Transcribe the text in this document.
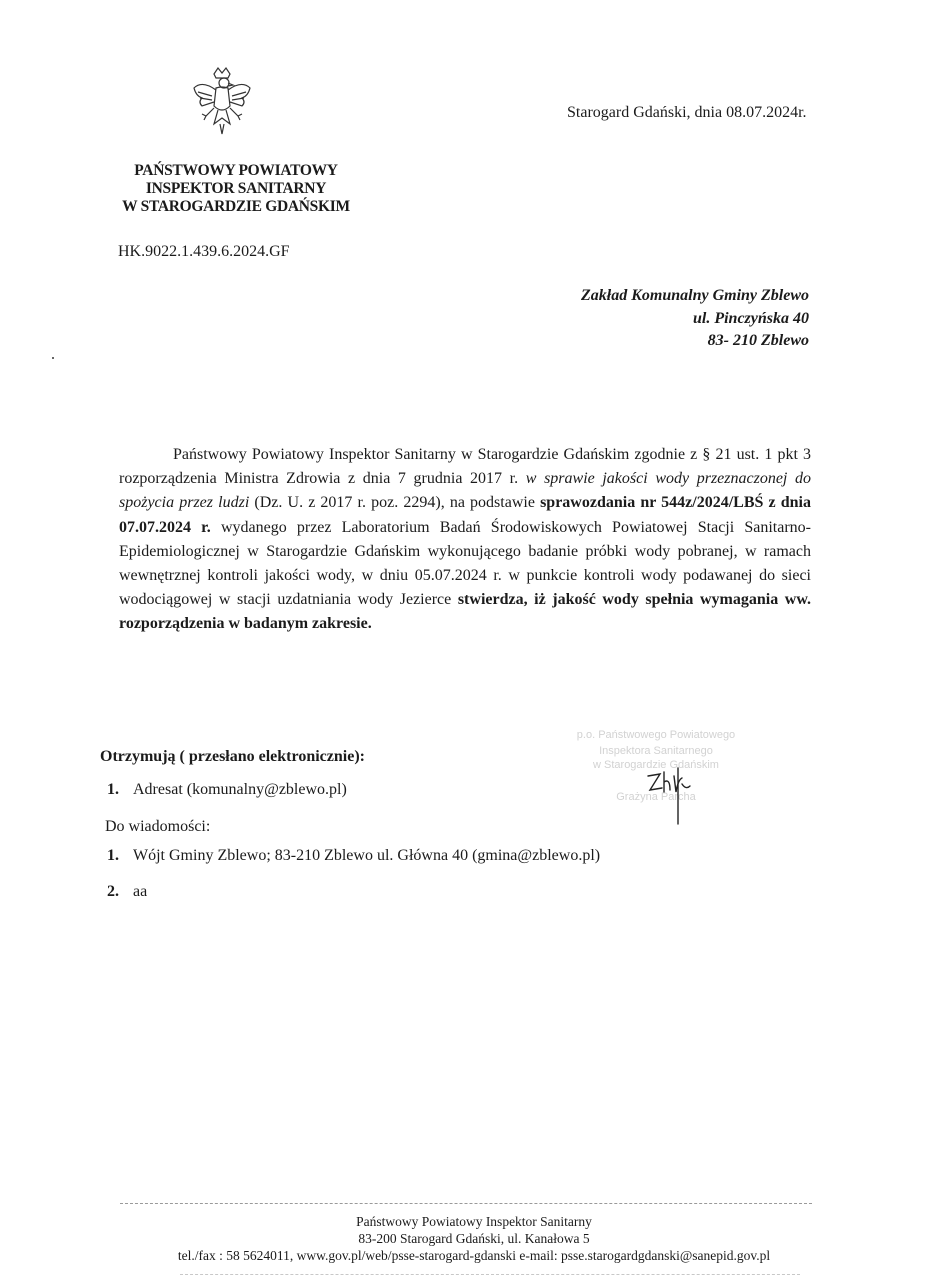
Starogard Gdański, dnia 08.07.2024r.
PAŃSTWOWY POWIATOWY
INSPEKTOR SANITARNY
W STAROGARDZIE GDAŃSKIM
HK.9022.1.439.6.2024.GF
Zakład Komunalny Gminy Zblewo
ul. Pinczyńska 40
83- 210 Zblewo

Państwowy Powiatowy Inspektor Sanitarny w Starogardzie Gdańskim zgodnie z § 21 ust. 1 pkt 3 rozporządzenia Ministra Zdrowia z dnia 7 grudnia 2017 r. w sprawie jakości wody przeznaczonej do spożycia przez ludzi (Dz. U. z 2017 r. poz. 2294), na podstawie sprawozdania nr 544z/2024/LBŚ z dnia 07.07.2024 r. wydanego przez Laboratorium Badań Środowiskowych Powiatowej Stacji Sanitarno-Epidemiologicznej w Starogardzie Gdańskim wykonującego badanie próbki wody pobranej, w ramach wewnętrznej kontroli jakości wody, w dniu 05.07.2024 r. w punkcie kontroli wody podawanej do sieci wodociągowej w stacji uzdatniania wody Jezierce stwierdza, iż jakość wody spełnia wymagania ww. rozporządzenia w badanym zakresie.

Otrzymują ( przesłano elektronicznie):
1. Adresat (komunalny@zblewo.pl)
Do wiadomości:
1. Wójt Gminy Zblewo; 83-210 Zblewo ul. Główna 40 (gmina@zblewo.pl)
2. aa
p.o. Państwowego Powiatowego
Inspektora Sanitarnego
w Starogardzie Gdańskim
Grażyna Parcha
Państwowy Powiatowy Inspektor Sanitarny
83-200 Starogard Gdański, ul. Kanałowa 5
tel./fax : 58 5624011, www.gov.pl/web/psse-starogard-gdanski e-mail: psse.starogardgdanski@sanepid.gov.pl
